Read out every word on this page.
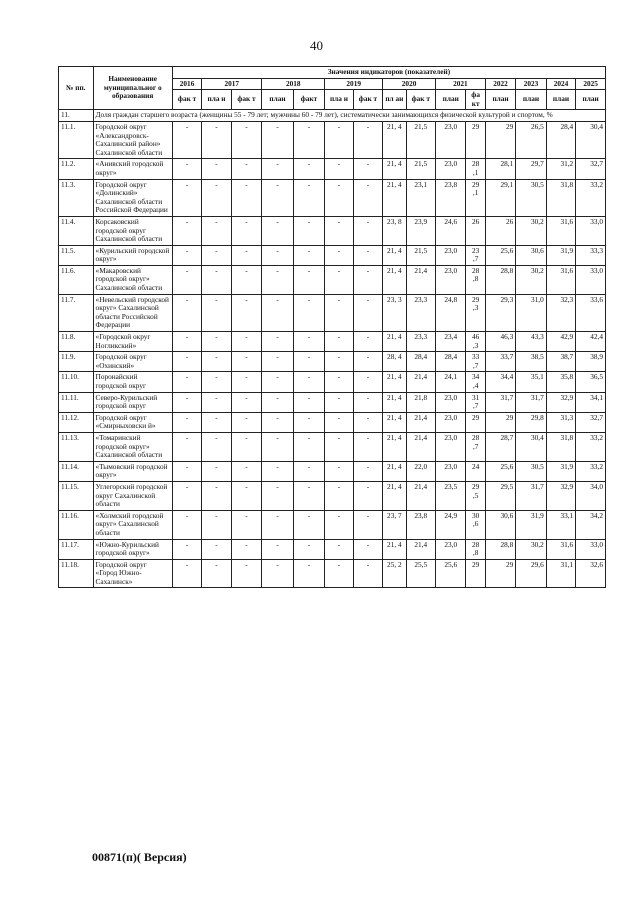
40
№ пп.	Наименование муниципальног о образования	Значения индикаторов (показателей)														
		2016	2017		2018		2019		2020		2021		2022	2023	2024	2025
		фак т	пла н	фак т	план	факт	пла н	фак т	пл ан	фак т	план	фа кт	план	план	план	план
11.	Доля граждан старшего возраста (женщины 55 - 79 лет; мужчины 60 - 79 лет), систематически занимающихся физической культурой и спортом, %															
11.1.	Городской округ «Александровск-Сахалинский район» Сахалинской области	-	-	-	-	-	-	-	21, 4	21,5	23,0	29	29	26,5	28,4	30,4
11.2.	«Анивский городской округ»	-	-	-	-	-	-	-	21, 4	21,5	23,0	28 ,1	28,1	29,7	31,2	32,7
11.3.	Городской округ «Долинский» Сахалинской области Российской Федерации	-	-	-	-	-	-	-	21, 4	23,1	23,8	29 ,1	29,1	30,5	31,8	33,2
11.4.	Корсаковский городской округ Сахалинской области	-	-	-	-	-	-	-	23, 8	23,9	24,6	26	26	30,2	31,6	33,0
11.5.	«Курильский городской округ»	-	-	-	-	-	-	-	21, 4	21,5	23,0	23 ,7	25,6	30,6	31,9	33,3
11.6.	«Макаровский городской округ» Сахалинской области	-	-	-	-	-	-	-	21, 4	21,4	23,0	28 ,8	28,8	30,2	31,6	33,0
11.7.	«Невельский городской округ» Сахалинской области Российской Федерации	-	-	-	-	-	-	-	23, 3	23,3	24,8	29 ,3	29,3	31,0	32,3	33,6
11.8.	«Городской округ Ногликский»	-	-	-	-	-	-	-	21, 4	23,3	23,4	46 ,3	46,3	43,3	42,9	42,4
11.9.	Городской округ «Охинский»	-	-	-	-	-	-	-	28, 4	28,4	28,4	33 ,7	33,7	38,5	38,7	38,9
11.10.	Поронайский городской округ	-	-	-	-	-	-	-	21, 4	21,4	24,1	34 ,4	34,4	35,1	35,8	36,5
11.11.	Северо-Курильский городской округ	-	-	-	-	-	-	-	21, 4	21,8	23,0	31 ,7	31,7	31,7	32,9	34,1
11.12.	Городской округ «Смирныховски й»	-	-	-	-	-	-	-	21, 4	21,4	23,0	29	29	29,8	31,3	32,7
11.13.	«Томаринский городской округ» Сахалинской области	-	-	-	-	-	-	-	21, 4	21,4	23,0	28 ,7	28,7	30,4	31,8	33,2
11.14.	«Тымовский городской округ»	-	-	-	-	-	-	-	21, 4	22,0	23,0	24	25,6	30,5	31,9	33,2
11.15.	Углегорский городской округ Сахалинской области	-	-	-	-	-	-	-	21, 4	21,4	23,5	29 ,5	29,5	31,7	32,9	34,0
11.16.	«Холмский городской округ» Сахалинской области	-	-	-	-	-	-	-	23, 7	23,8	24,9	30 ,6	30,6	31,9	33,1	34,2
11.17.	«Южно-Курильский городской округ»	-	-	-	-	-	-	-	21, 4	21,4	23,0	28 ,8	28,8	30,2	31,6	33,0
11.18.	Городской округ «Город Южно-Сахалинск»	-	-	-	-	-	-	-	25, 2	25,5	25,6	29	29	29,6	31,1	32,6
00871(п)( Версия)
